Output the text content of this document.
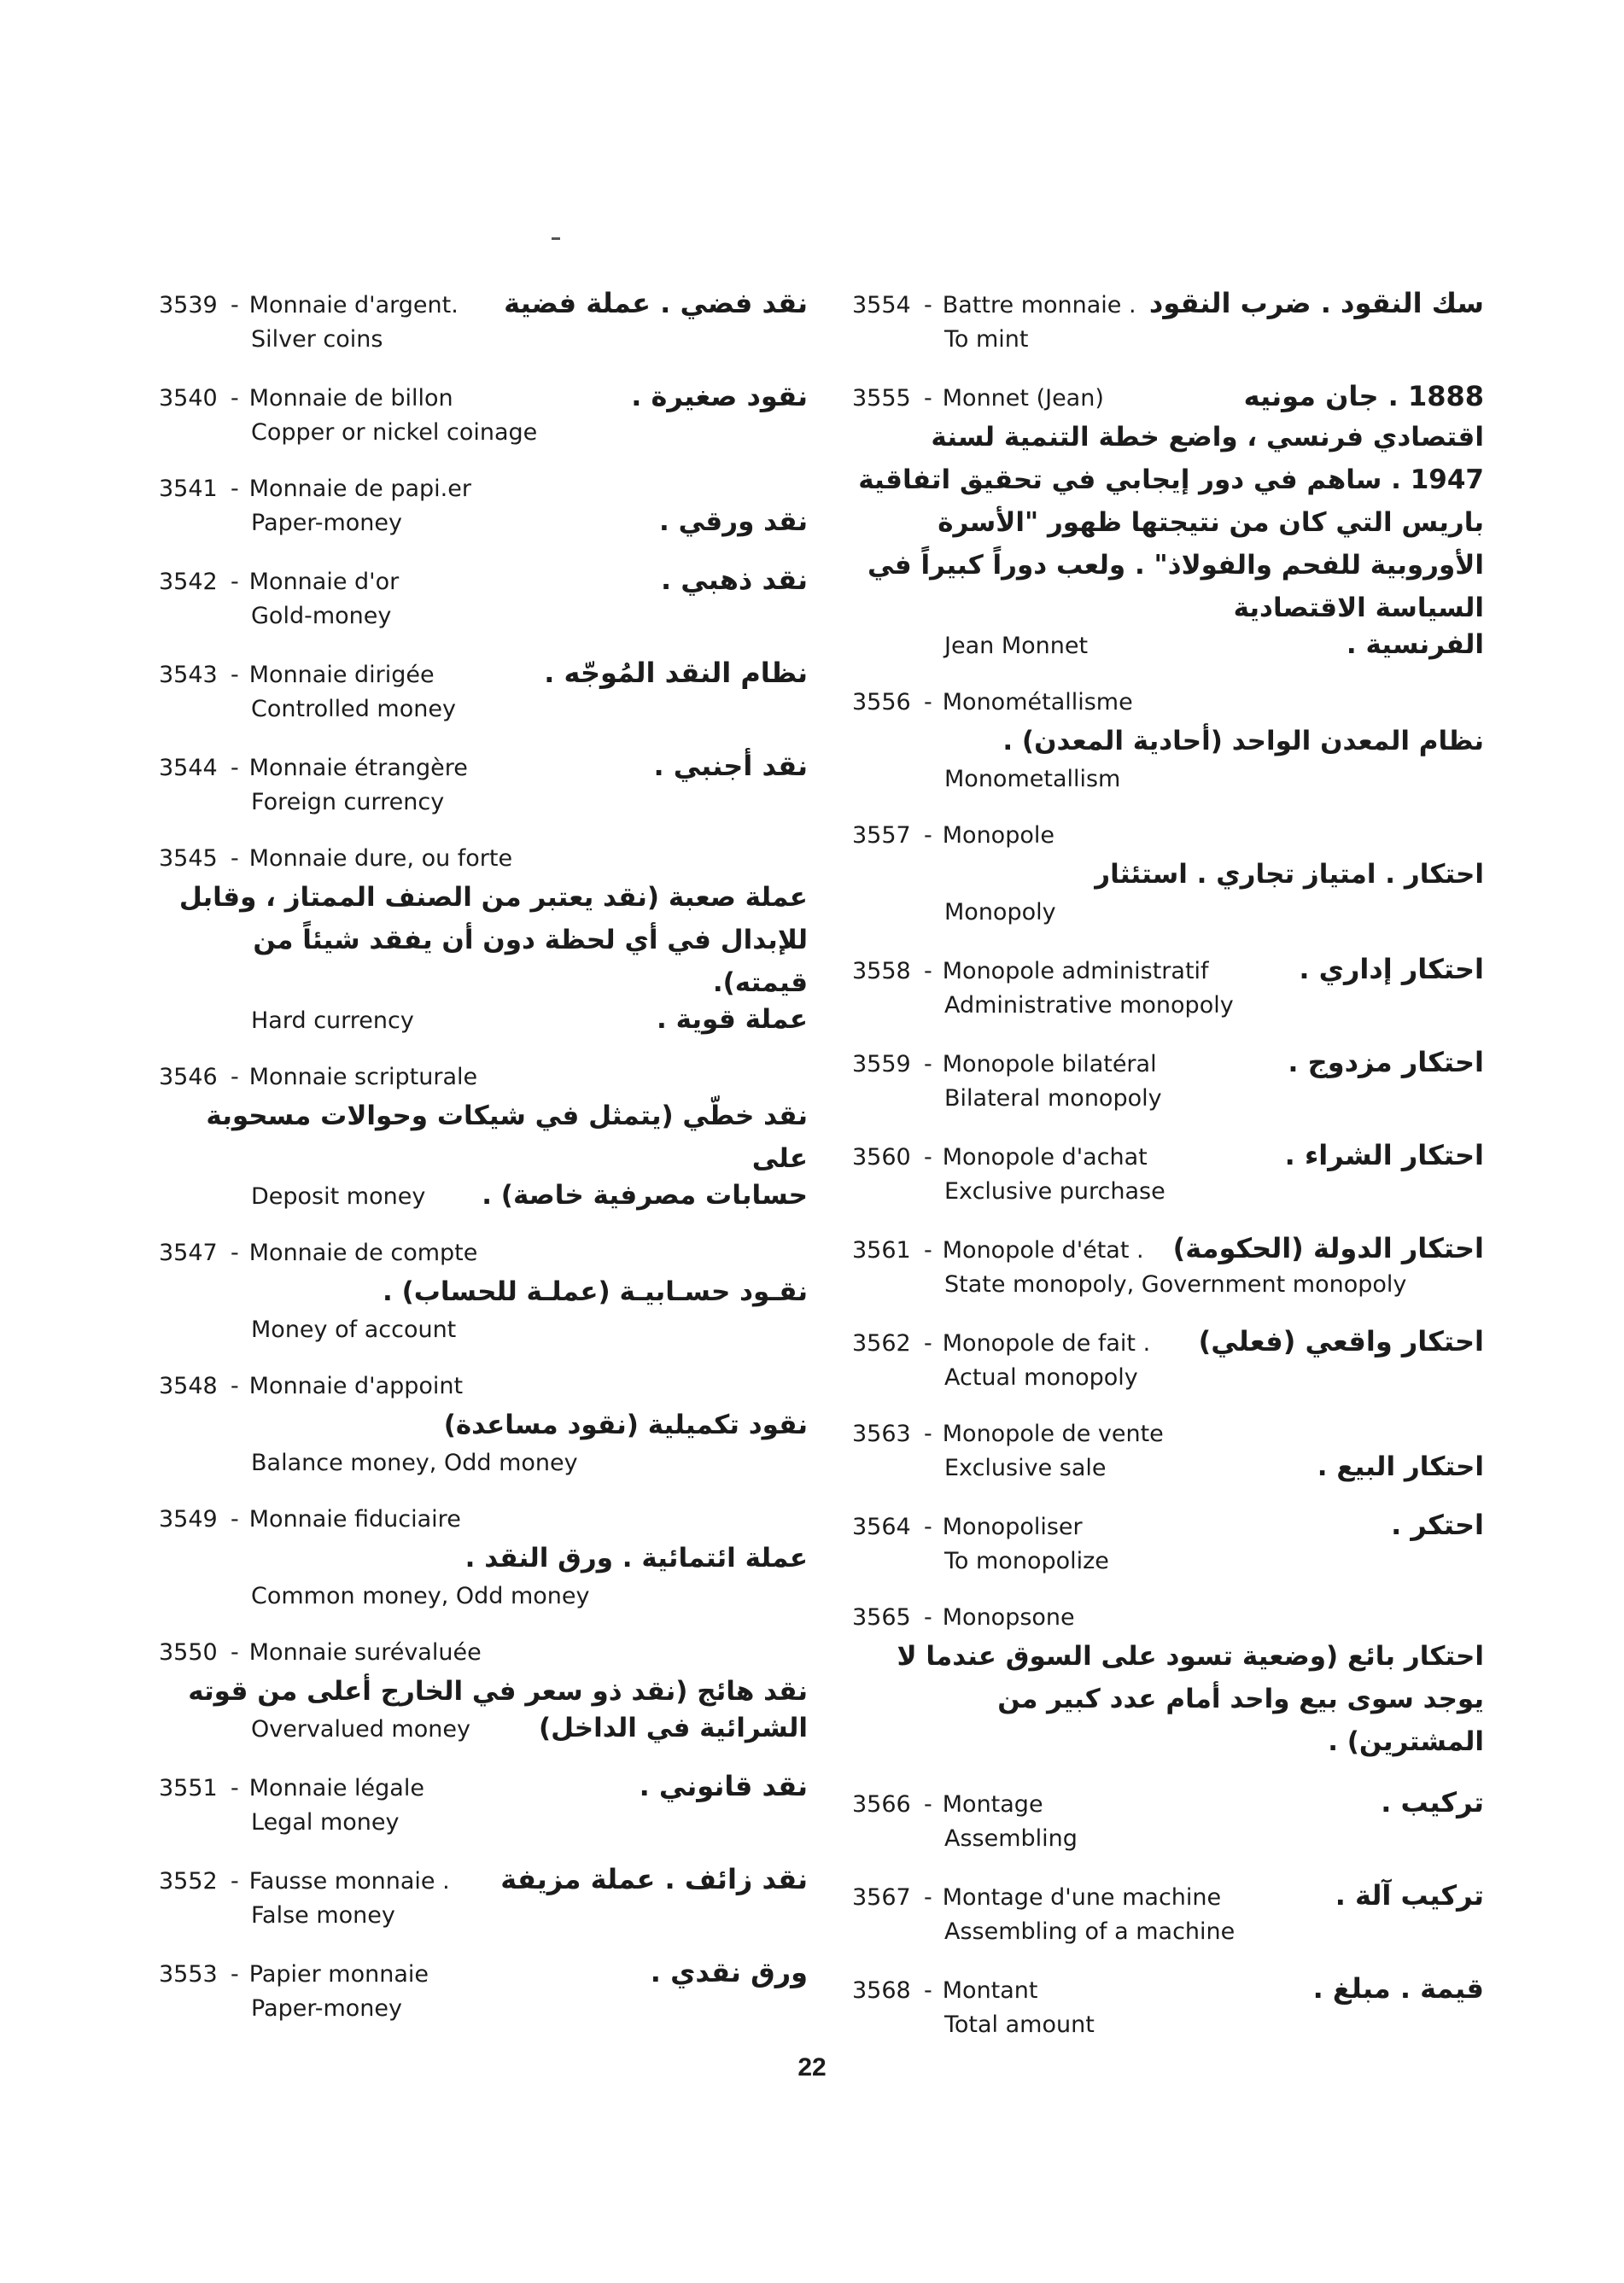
3539 - Monnaie d'argent.	نقد فضي . عملة فضية
Silver coins
3540 - Monnaie de billon	نقود صغيرة .
Copper or nickel coinage
3541 - Monnaie de papi.er
Paper-money	نقد ورقي .
3542 - Monnaie d'or	نقد ذهبي .
Gold-money
3543 - Monnaie dirigée	نظام النقد المُوجّه .
Controlled money
3544 - Monnaie étrangère	نقد أجنبي .
Foreign currency
3545 - Monnaie dure, ou forte
عملة صعبة (نقد يعتبر من الصنف الممتاز ، وقابل للإبدال في أي لحظة دون أن يفقد شيئاً من قيمته).
Hard currency	عملة قوية .
3546 - Monnaie scripturale
نقد خطّي (يتمثل في شيكات وحوالات مسحوبة على
Deposit money	حسابات مصرفية خاصة) .
3547 - Monnaie de compte
نقـود حسـابيـة (عملـة للحساب) .
Money of account
3548 - Monnaie d'appoint
نقود تكميلية (نقود مساعدة)
Balance money, Odd money
3549 - Monnaie fiduciaire
عملة ائتمائية . ورق النقد .
Common money, Odd money
3550 - Monnaie surévaluée
نقد هائج (نقد ذو سعر في الخارج أعلى من قوته
Overvalued money	الشرائية في الداخل)
3551 - Monnaie légale	نقد قانوني .
Legal money
3552 - Fausse monnaie .	نقد زائف . عملة مزيفة
False money
3553 - Papier monnaie	ورق نقدي .
Paper-money
3554 - Battre monnaie . سك النقود . ضرب النقود
To mint
3555 - Monnet (Jean)	1888 . جان مونيه
اقتصادي فرنسي ، واضع خطة التنمية لسنة 1947 . ساهم في دور إيجابي في تحقيق اتفاقية باريس التي كان من نتيجتها ظهور "الأسرة الأوروبية للفحم والفولاذ" . ولعب دوراً كبيراً في السياسة الاقتصادية
Jean Monnet	الفرنسية .
3556 - Monométallisme
نظام المعدن الواحد (أحادية المعدن) .
Monometallism
3557 - Monopole
احتكار . امتياز تجاري . استئثار
Monopoly
3558 - Monopole administratif	احتكار إداري .
Administrative monopoly
3559 - Monopole bilatéral	احتكار مزدوج .
Bilateral monopoly
3560 - Monopole d'achat	احتكار الشراء .
Exclusive purchase
3561 - Monopole d'état .	احتكار الدولة (الحكومة)
State monopoly, Government monopoly
3562 - Monopole de fait .	احتكار واقعي (فعلي)
Actual monopoly
3563 - Monopole de vente
Exclusive sale	احتكار البيع .
3564 - Monopoliser	احتكر .
To monopolize
3565 - Monopsone
احتكار بائع (وضعية تسود على السوق عندما لا يوجد سوى بيع واحد أمام عدد كبير من المشترين) .
3566 - Montage	تركيب .
Assembling
3567 - Montage d'une machine	تركيب آلة .
Assembling of a machine
3568 - Montant	قيمة . مبلغ .
Total amount
22
